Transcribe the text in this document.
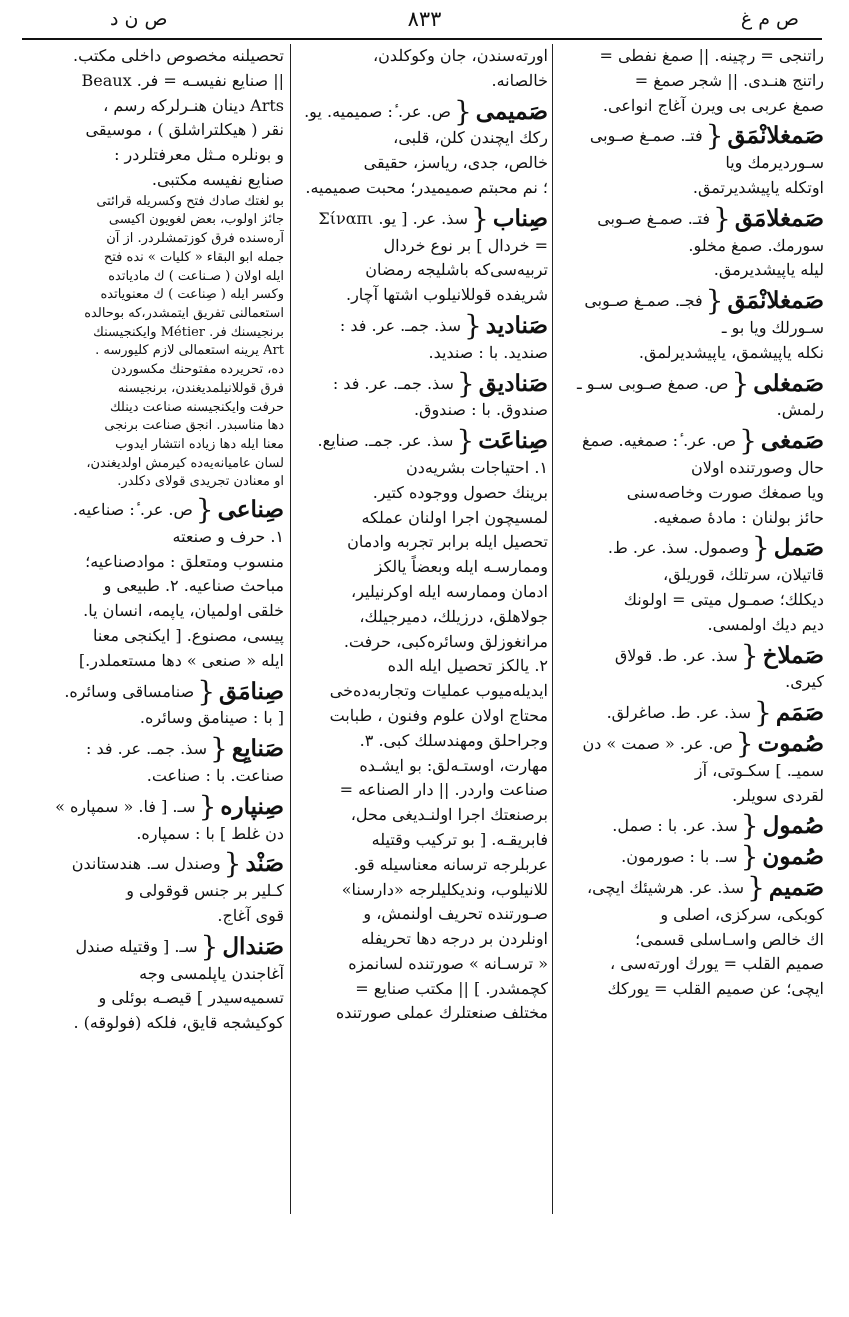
ص م غ
٨٣٣
ص ن د

راتنجی = رچینه. || صمغ نفطی =

راتنج هنـدی. || شجر صمغ =

صمغ عربی بی ویرن آغاج انواعی.

صَمغلانْمَق
{
فتـ. صمـغ صـوبی

سـوردیرمك ویا

اوتكله یاپیشدیرتمق.

صَمغلامَق
{
فتـ. صمـغ صـوبی

سورمك. صمغ مخلو.

لیله یاپیشدیرمق.

صَمغلانْمَق
{
فجـ. صمـغ صـوبی

سـورلك ویا بو ـ

نكله یاپیشمق، یاپیشدیرلمق.

صَمغلی
{
ص. صمغ صـوبی سـو ـ

رلمش.

صَمغی
{
ص. عر. ٔ: صمغیه. صمغ

حال وصورتنده اولان

ویا صمغك صورت وخاصه‌سنی

حائز بولنان : مادهٔ صمغیه.

صَمل
{
وصمول. سذ. عر. ط.

قاتیلان، سرتلك، قوریلق،

دیكلك؛ صمـول میتی = اولونك

دیم دیك اولمسی.

صَملاخ
{
سذ. عر. ط. قولاق

كیری.

صَمَم
{
سذ. عر. ط. صاغرلق.
صُموت
{
ص. عر. « صمت » دن

سمیـ. ] سكـوتی، آز

لقردی سویلر.

صُمول
{
سذ. عر. با : صمل.
صُمون
{
سـ. با : صورمون.
صَمیم
{
سذ. عر. هرشیئك ایچی،

كوبكی، سركزی، اصلی و

اك خالص واسـاسلی قسمی؛

صمیم القلب = یورك اورته‌سی ،

ایچی؛ عن صمیم القلب = یوركك

اورته‌سندن، جان وكوكلدن،

خالصانه.

صَمیمی
{
ص. عر. ٔ: صمیمیه. یو.

ركك ایچندن كلن، قلبی،

خالص، جدی، ریاسز، حقیقی

؛ نم محبتم صمیمیدر؛ محبت صمیمیه.

صِناب
{
سذ. عر. [ یو. Σίναπι

= خردال ] بر نوع خردال

تربیه‌سی‌كه باشلیجه رمضان

شریفده قوللانیلوب اشتها آچار.

صَنادید
{
سذ. جمـ. عر. فد :

صندید. با : صندید.

صَنادیق
{
سذ. جمـ. عر. فد :

صندوق. با : صندوق.

صِناعَت
{
سذ. عر. جمـ. صنایع.

۱. احتیاجات بشریه‌دن

برینك حصول ووجوده كتیر.

لمسیچون اجرا اولنان عملكه

تحصیل ایله برابر تجربه وادمان

وممارسـه ایله وبعضاً یالكز

ادمان وممارسه ایله اوكرنیلیر،

جولاهلق، درزیلك، دمیرجیلك،

مرانغوزلق وسائره‌كبی، حرفت.

۲. یالكز تحصیل ایله الده

ایدیله‌میوب عملیات وتجاربه‌ده‌خی

محتاج اولان علوم وفنون ، طبابت

وجراحلق ومهندسلك كبی. ۳.

مهارت، اوستـه‌لق: بو ایشـده

صناعت واردر. || دار الصناعه =

برصنعتك اجرا اولنـدیغی محل،

فابریقـه. [ بو تركیب وقتیله

عربلرجه ترسانه معناسیله قو.

للانیلوب، ونديكلیلرجه «دارسنا»

صـورتنده تحریف اولنمش، و

اونلردن بر درجه دها تحریفله

« ترسـانه » صورتنده لسانمزه

كچمشدر. ] || مكتب صنایع =

مختلف صنعتلرك عملی صورتنده

تحصیلنه مخصوص داخلی مكتب.

|| صنایع نفیسـه = فر. Beaux

Arts دینان هنـرلركه رسم ،

نقر ( هیكلتراشلق ) ، موسیقی

و بونلره مـثل معرفتلردر :

صنایع نفیسه مكتبی.

بو لغتك صادك فتح وكسریله قرائتی

جائز اولوب، بعض لغویون اكیسی

آره‌سنده فرق كوزتمشلردر. از آن

جمله ابو البقاء « كلیات » نده فتح

ایله اولان ( صـناعت ) ك مادیاتده

وكسر ایله ( صِناعت ) ك معنویاتده

استعمالنی تفریق ایتمشدر،كه بوحالده

برنجیسنك فر. Métier وایكنجیسنك

Art یرینه استعمالی لازم كلیورسه .

ده، تحریرده مفتوحنك مكسوردن

فرق قوللانیلمدیغندن، برنجیسنه

حرفت وایكنجیسنه صناعت دینلك

دها مناسبدر. انجق صناعت برنجی

معنا ایله دها زیاده انتشار ایدوب

لسان عامیانه‌یه‌ده كیرمش اولدیغندن،

او معنادن تجریدی قولای دكلدر.

صِناعی
{
ص. عر. ٔ: صناعیه.

۱. حرف و صنعته

منسوب ومتعلق : موادصناعیه؛

مباحث صناعیه. ۲. طبیعی و

خلقی اولمیان، یاپمه، انسان یا.

پیسی، مصنوع. [ ایكنجی معنا

ایله « صنعی » دها مستعملدر.]

صِنامَق
{
صنامساقی وسائره.

[ با : صینامق وسائره.

صَنایِع
{
سذ. جمـ. عر. فد :

صناعت. با : صناعت.

صِنپاره
{
سـ. [ فا. « سمپاره »

دن غلط ] با : سمپاره.

صَنْد
{
وصندل سـ. هندستاندن

كـلیر بر جنس قوقولی و

قوی آغاج.

صَندال
{
سـ. [ وقتیله صندل

آغاجندن یاپلمسی وجه

تسمیه‌سیدر ] قیصـه بوئلی و

كوكیشجه قایق، فلكه (فولوقه) .
